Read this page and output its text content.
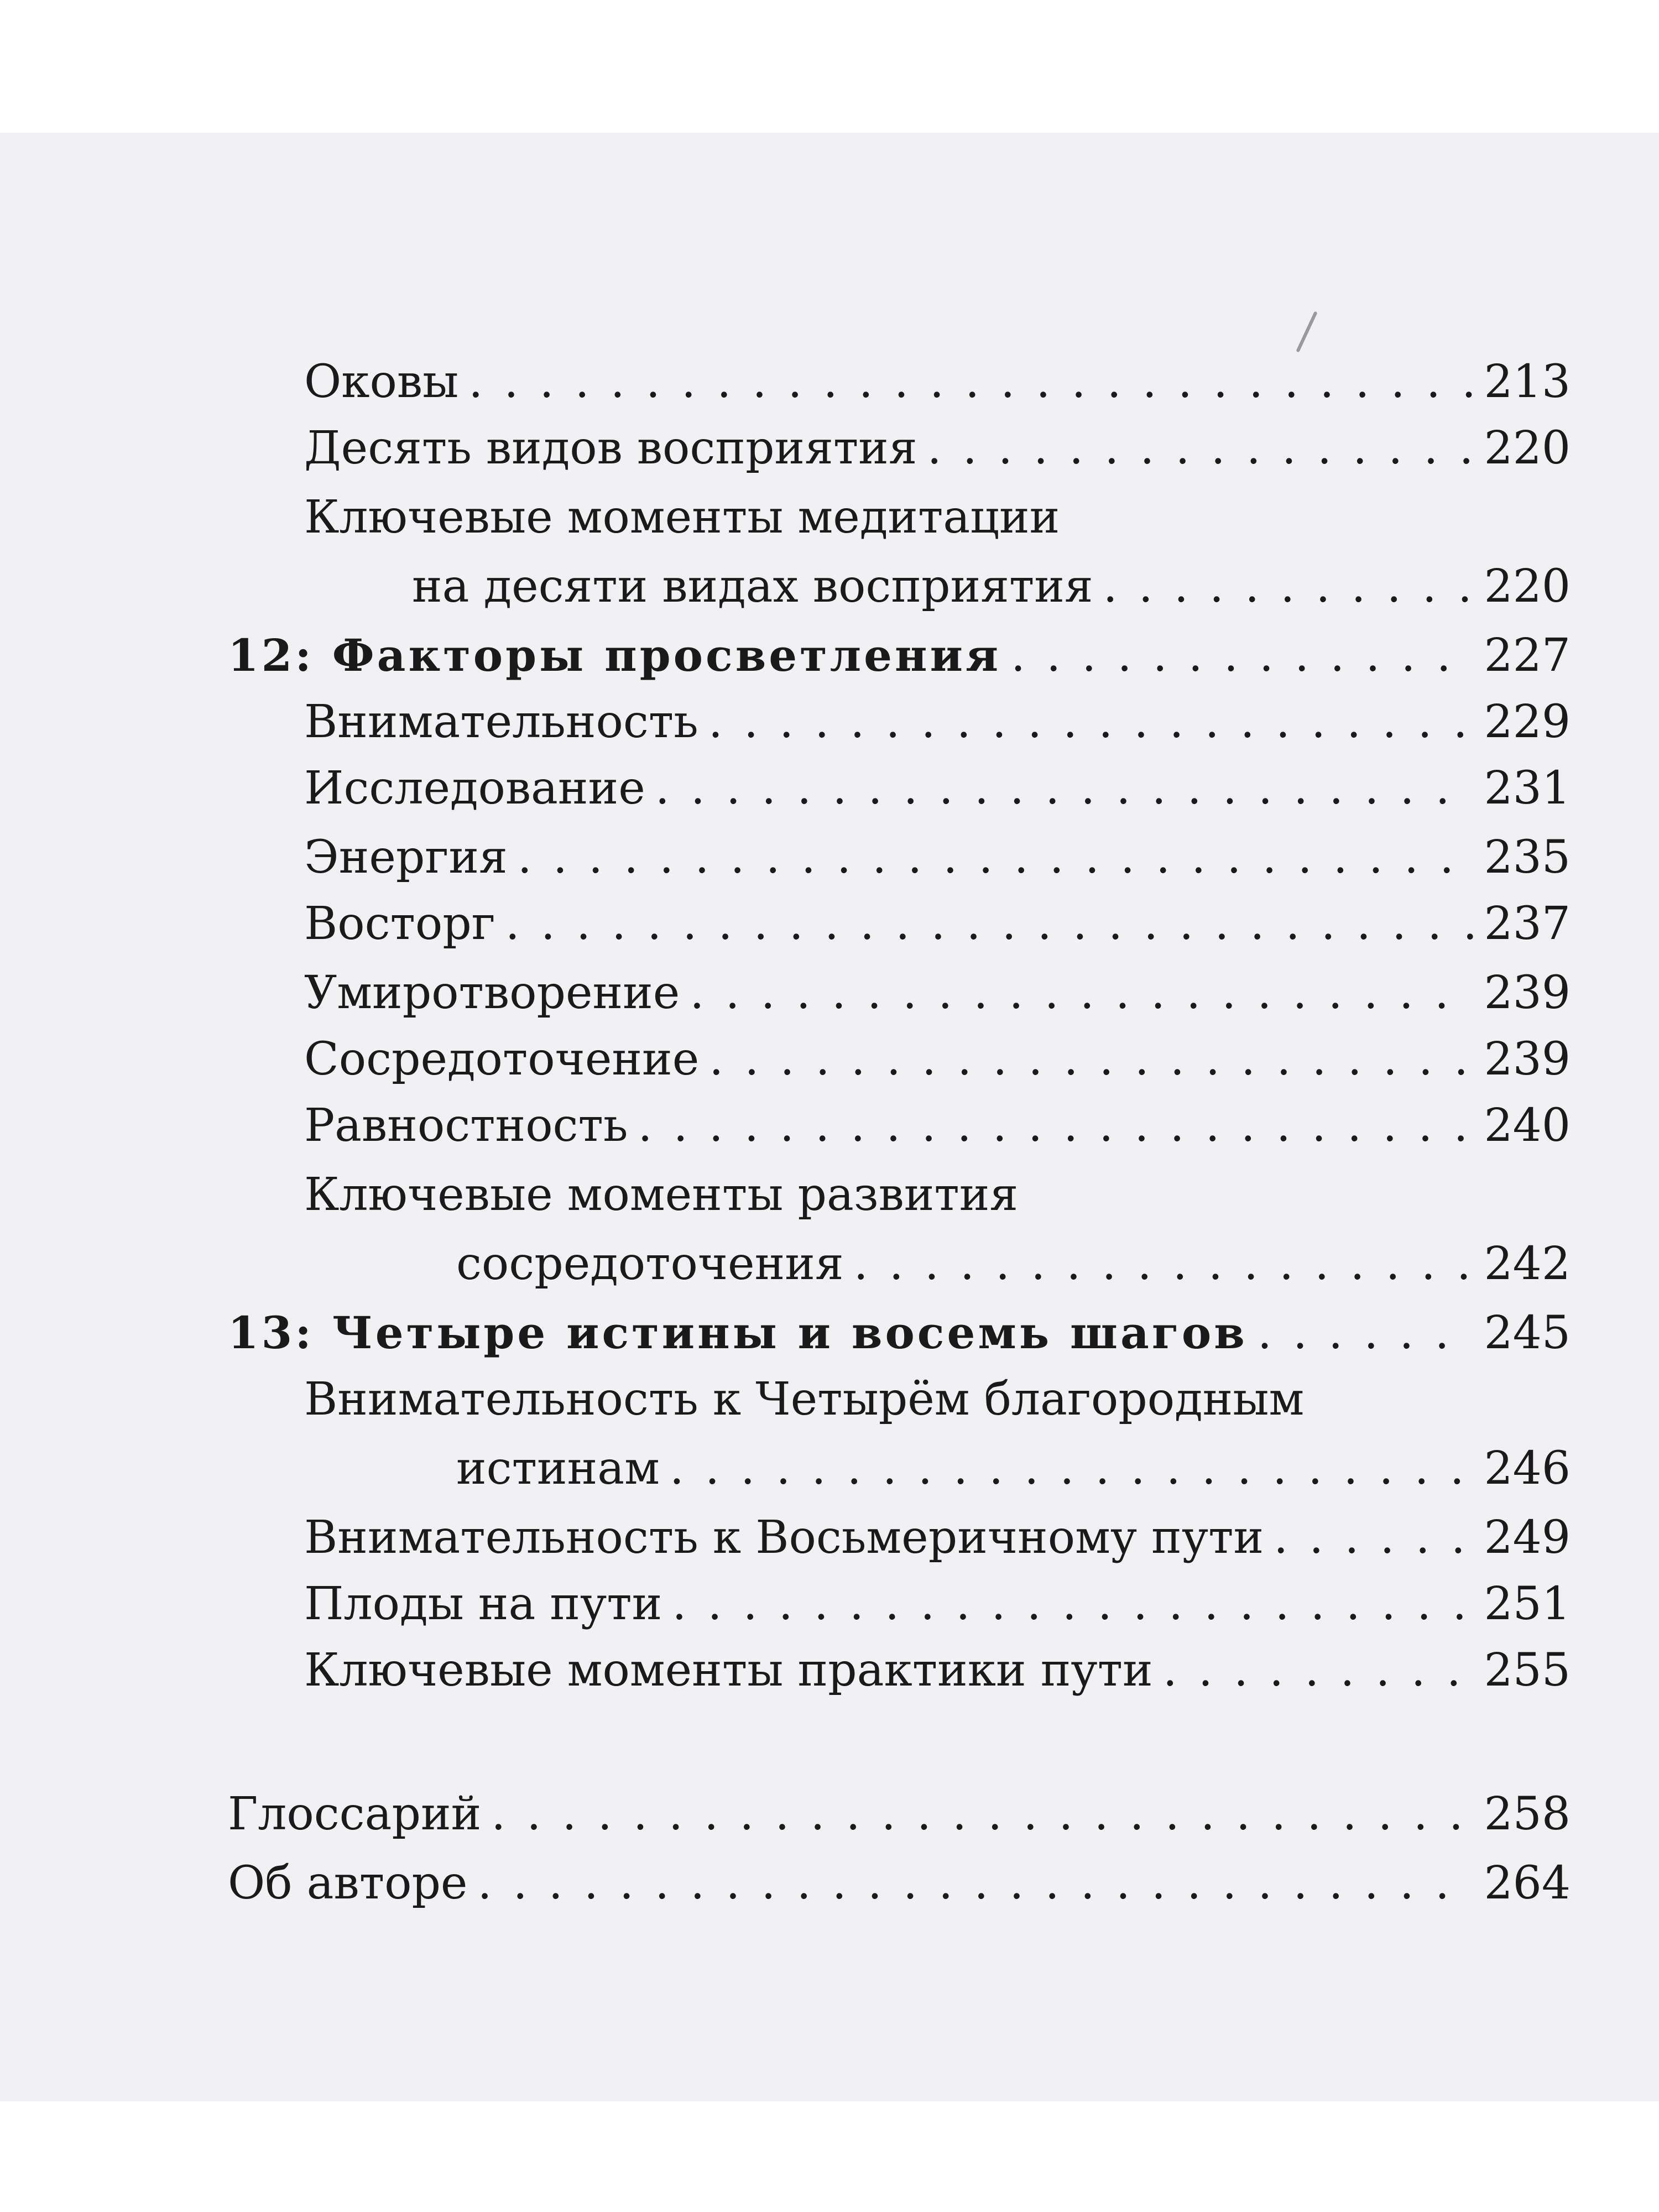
Оковы . . .	213
Десять видов восприятия . . .	220
Ключевые моменты медитации
на десяти видах восприятия . . .	220
12: Факторы просветления . . .	227
Внимательность . . .	229
Исследование . . .	231
Энергия . . .	235
Восторг . . .	237
Умиротворение . . .	239
Сосредоточение . . .	239
Равностность . . .	240
Ключевые моменты развития
сосредоточения . . .	242
13: Четыре истины и восемь шагов . . .	245
Внимательность к Четырём благородным
истинам . . .	246
Внимательность к Восьмеричному пути . . .	249
Плоды на пути . . .	251
Ключевые моменты практики пути . . .	255
Глоссарий . . .	258
Об авторе . . .	264
